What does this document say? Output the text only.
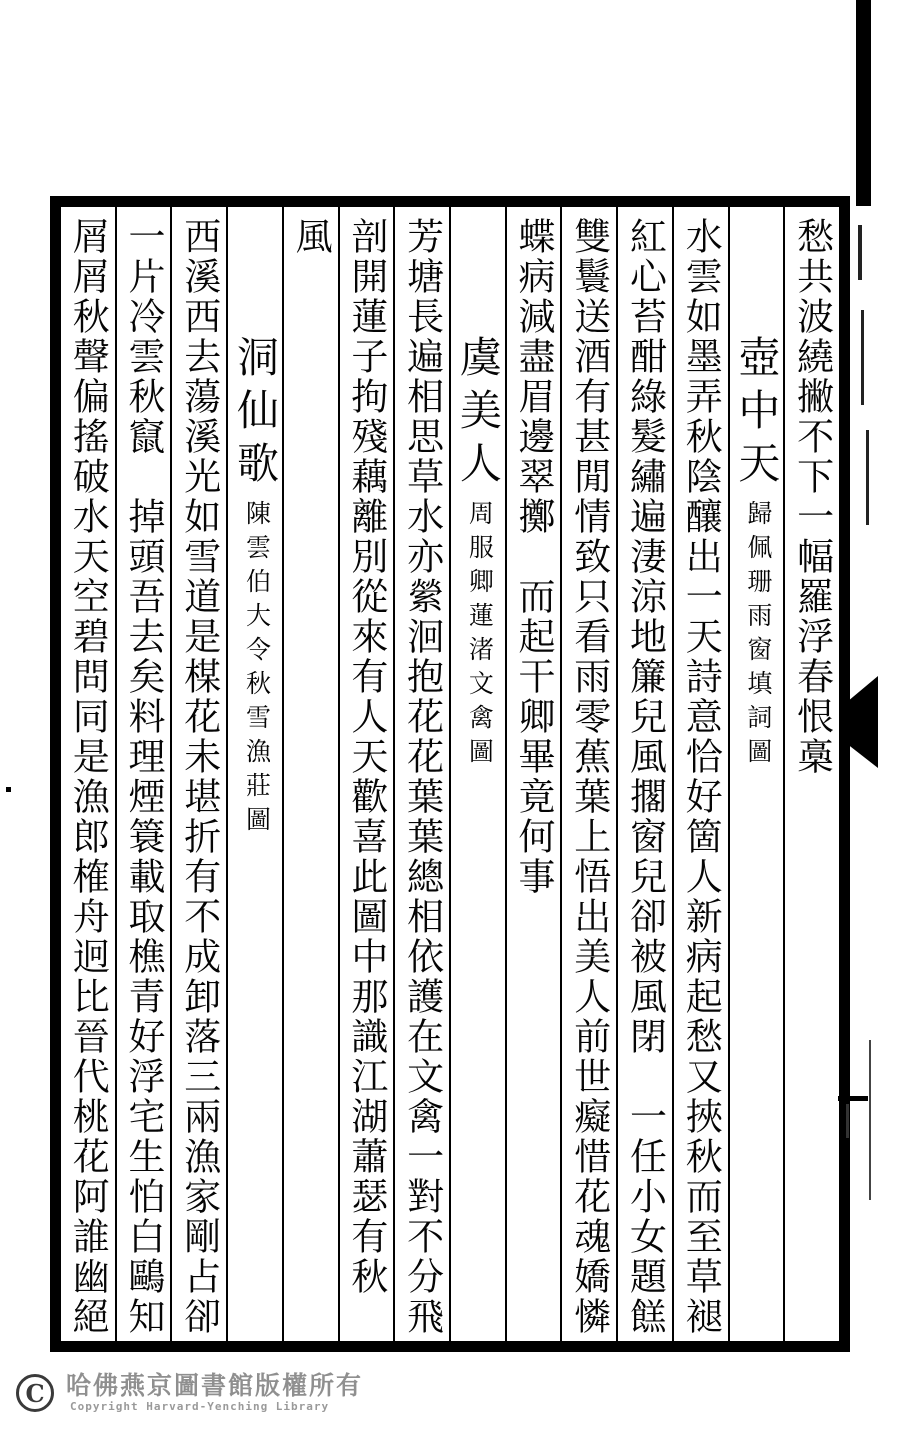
愁共波繞撇不下一幅羅浮春恨槀
壺中天
歸佩珊雨窗填詞圖
水雲如墨弄秋陰釀出一天詩意恰好箇人新病起愁又挾秋而至草褪
紅心苔酣綠髮繡遍淒涼地簾兒風擱窗兒卻被風閉　一任小女題餻
雙鬟送酒有甚閒情致只看雨零蕉葉上悟出美人前世癡惜花魂嬌憐
蝶病減盡眉邊翠擲　而起干卿畢竟何事
虞美人
周服卿蓮渚文禽圖
芳塘長遍相思草水亦縈洄抱花花葉葉總相依護在文禽一對不分飛
剖開蓮子拘殘藕離別從來有人天歡喜此圖中那識江湖蕭瑟有秋
風
洞仙歌
陳雲伯大令秋雪漁莊圖
西溪西去蕩溪光如雪道是楳花未堪折有不成卸落三兩漁家剛占卻
一片冷雲秋竄　掉頭吾去矣料理煙簑載取樵青好浮宅生怕白鷗知
屑屑秋聲偏搖破水天空碧問同是漁郎榷舟迥比晉代桃花阿誰幽絕
C 哈佛燕京圖書館版權所有
Copyright Harvard-Yenching Library
